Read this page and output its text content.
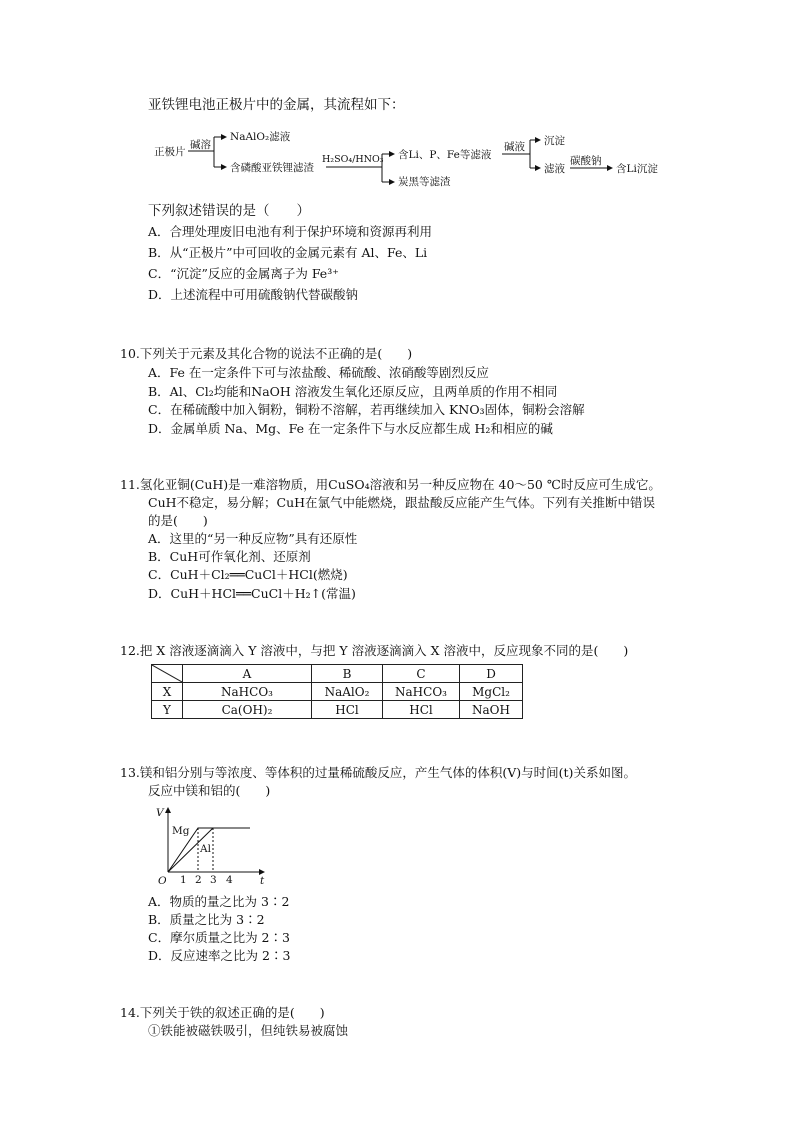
亚铁锂电池正极片中的金属，其流程如下：
正极片
碱溶
NaAlO₂滤液
含磷酸亚铁锂滤渣
H₂SO₄/HNO₃ 含Li、P、Fe等滤液
炭黑等滤渣
碱液 沉淀
滤液
碳酸钠
含Li沉淀
下列叙述错误的是（　　）
A．合理处理废旧电池有利于保护环境和资源再利用
B．从“正极片”中可回收的金属元素有 Al、Fe、Li
C．“沉淀”反应的金属离子为 Fe³⁺
D．上述流程中可用硫酸钠代替碳酸钠
10.下列关于元素及其化合物的说法不正确的是(　　)
A．Fe 在一定条件下可与浓盐酸、稀硫酸、浓硝酸等剧烈反应
B．Al、Cl₂均能和NaOH 溶液发生氧化还原反应，且两单质的作用不相同
C．在稀硫酸中加入铜粉，铜粉不溶解，若再继续加入 KNO₃固体，铜粉会溶解
D．金属单质 Na、Mg、Fe 在一定条件下与水反应都生成 H₂和相应的碱
11.氢化亚铜(CuH)是一难溶物质，用CuSO₄溶液和另一种反应物在 40～50 ℃时反应可生成它。
CuH不稳定，易分解；CuH在氯气中能燃烧，跟盐酸反应能产生气体。下列有关推断中错误
的是(　　)
A．这里的“另一种反应物”具有还原性
B．CuH可作氧化剂、还原剂
C．CuH＋Cl₂══CuCl＋HCl(燃烧)
D．CuH＋HCl══CuCl＋H₂↑(常温)
12.把 X 溶液逐滴滴入 Y 溶液中，与把 Y 溶液逐滴滴入 X 溶液中，反应现象不同的是(　　)
	A	B	C	D
X	NaHCO₃	NaAlO₂	NaHCO₃	MgCl₂
Y	Ca(OH)₂	HCl	HCl	NaOH
13.镁和铝分别与等浓度、等体积的过量稀硫酸反应，产生气体的体积(V)与时间(t)关系如图。
反应中镁和铝的(　　)
V
t
O 1 2 3 4
Mg
Al
A．物质的量之比为 3∶2
B．质量之比为 3∶2
C．摩尔质量之比为 2∶3
D．反应速率之比为 2∶3
14.下列关于铁的叙述正确的是(　　)
①铁能被磁铁吸引，但纯铁易被腐蚀
